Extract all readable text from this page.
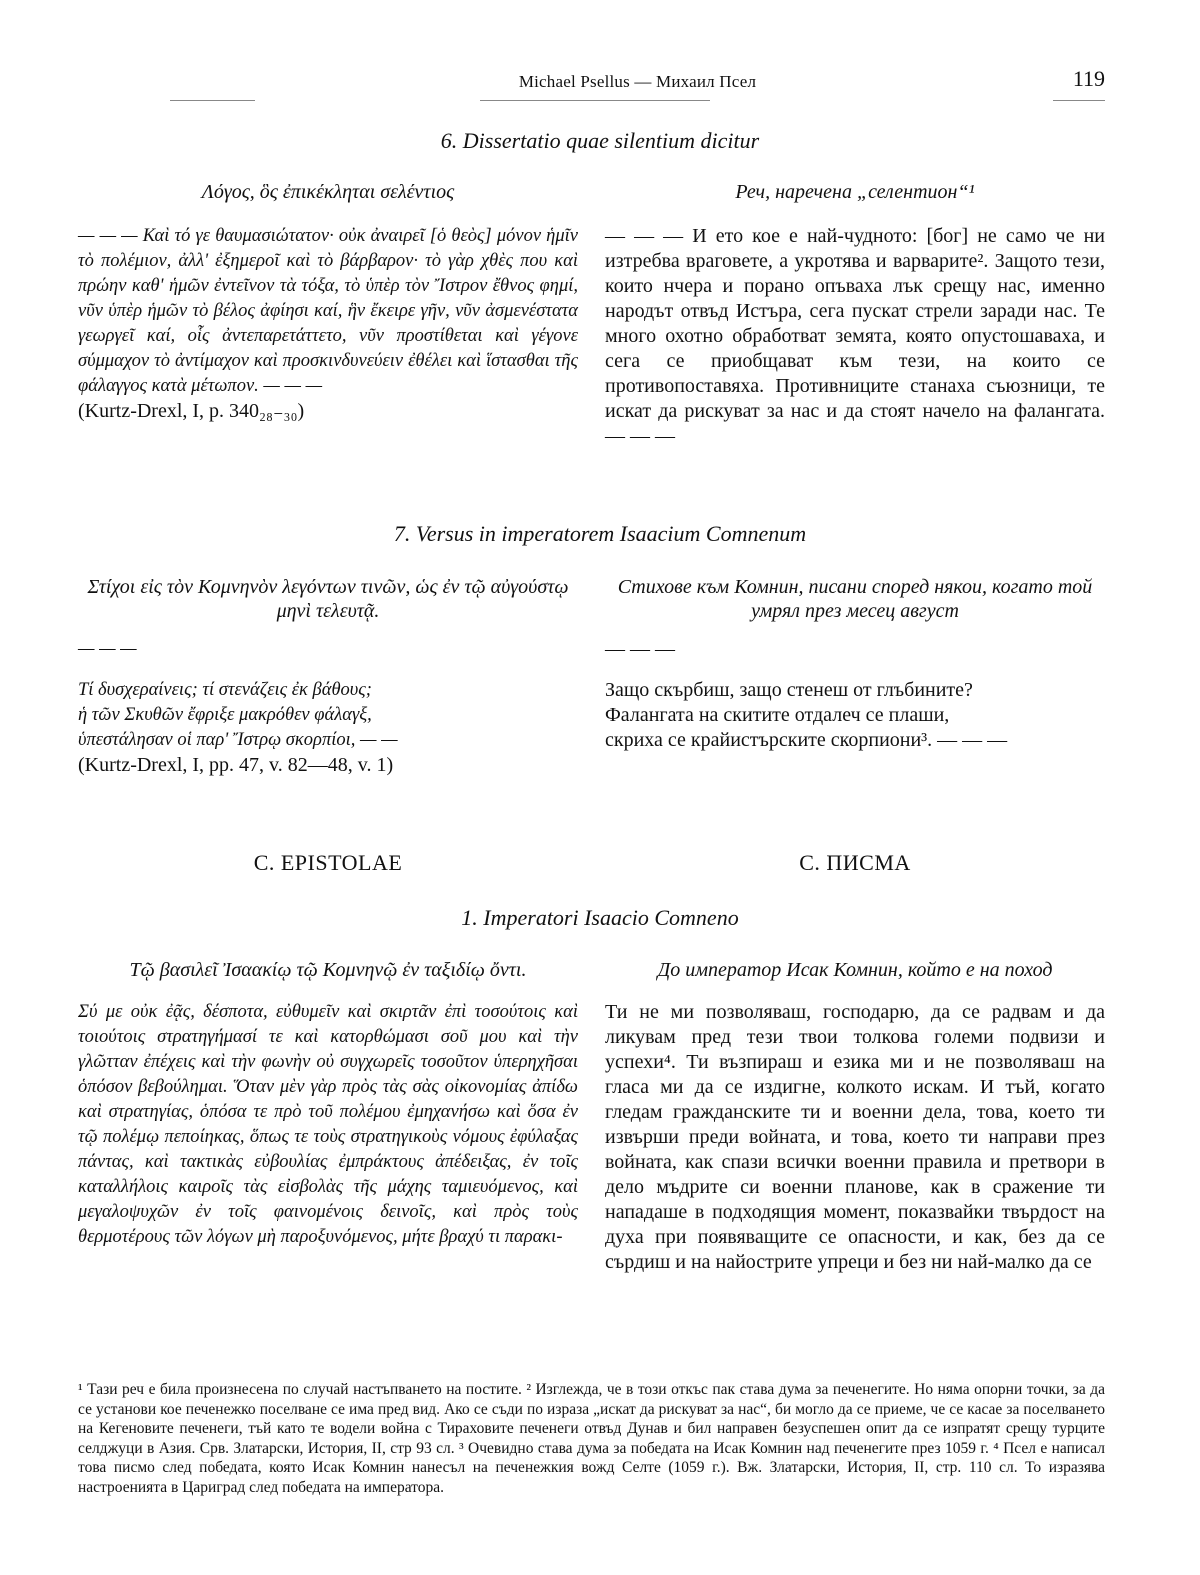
Michael Psellus — Михаил Псел	119
6. Dissertatio quae silentium dicitur
Λόγος, ὃς ἐπικέκληται σελέντιος
— — — Καὶ τό γε θαυμασιώτατον· οὐκ ἀναιρεῖ [ὁ θεὸς] μόνον ἡμῖν τὸ πολέμιον, ἀλλ' ἐξημεροῖ καὶ τὸ βάρβαρον· τὸ γὰρ χθὲς που καὶ πρώην καθ' ἡμῶν ἐντεῖνον τὰ τόξα, τὸ ὑπὲρ τὸν Ἴστρον ἔθνος φημί, νῦν ὑπὲρ ἡμῶν τὸ βέλος ἀφίησι καί, ἣν ἔκειρε γῆν, νῦν ἀσμενέστατα γεωργεῖ καί, οἷς ἀντεπαρετάττετο, νῦν προστίθεται καὶ γέγονε σύμμαχον τὸ ἀντίμαχον καὶ προσκινδυνεύειν ἐθέλει καὶ ἵστασθαι τῆς φάλαγγος κατὰ μέτωπον. — — —
(Kurtz-Drexl, I, p. 340₂₈₋₃₀)
Реч, наречена „селентион“¹
— — — И ето кое е най-чудното: [бог] не само че ни изтребва враговете, а укротява и варварите². Защото тези, които нчера и порано опъваха лък срещу нас, именно народът отвъд Истъра, сега пускат стрели заради нас. Те много охотно обработват земята, която опустошаваха, и сега се приобщават към тези, на които се противопоставяха. Противниците станаха съюзници, те искат да рискуват за нас и да стоят начело на фалангата. — — —
7. Versus in imperatorem Isaacium Comnenum
Στίχοι εἰς τὸν Κομνηνὸν λεγόντων τινῶν, ὡς ἐν τῷ αὐγούστῳ μηνὶ τελευτᾷ.
— — —
Τί δυσχεραίνεις; τί στενάζεις ἐκ βάθους;
ἡ τῶν Σκυθῶν ἔφριξε μακρόθεν φάλαγξ,
ὑπεστάλησαν οἱ παρ' Ἴστρῳ σκορπίοι, — —
(Kurtz-Drexl, I, pp. 47, v. 82—48, v. 1)
Стихове към Комнин, писани според някои, когато той умрял през месец август
— — —
Защо скърбиш, защо стенеш от глъбините?
Фалангата на скитите отдалеч се плаши,
скриха се крайистърските скорпиони³. — — —
C. EPISTOLAE	С. ПИСМА
1. Imperatori Isaacio Comneno
Τῷ βασιλεῖ Ἰσαακίῳ τῷ Κομνηνῷ ἐν ταξιδίῳ ὄντι.
Σύ με οὐκ ἐᾷς, δέσποτα, εὐθυμεῖν καὶ σκιρτᾶν ἐπὶ τοσούτοις καὶ τοιούτοις στρατηγήμασί τε καὶ κατορθώμασι σοῦ μου καὶ τὴν γλῶτταν ἐπέχεις καὶ τὴν φωνὴν οὐ συγχωρεῖς τοσοῦτον ὑπερηχῆσαι ὁπόσον βεβούλημαι. Ὅταν μὲν γὰρ πρὸς τὰς σὰς οἰκονομίας ἀπίδω καὶ στρατηγίας, ὁπόσα τε πρὸ τοῦ πολέμου ἐμηχανήσω καὶ ὅσα ἐν τῷ πολέμῳ πεποίηκας, ὅπως τε τοὺς στρατηγικοὺς νόμους ἐφύλαξας πάντας, καὶ τακτικὰς εὐβουλίας ἐμπράκτους ἀπέδειξας, ἐν τοῖς καταλλήλοις καιροῖς τὰς εἰσβολὰς τῆς μάχης ταμιευόμενος, καὶ μεγαλοψυχῶν ἐν τοῖς φαινομένοις δεινοῖς, καὶ πρὸς τοὺς θερμοτέρους τῶν λόγων μὴ παροξυνόμενος, μήτε βραχύ τι παρακι-
До император Исак Комнин, който е на поход
Ти не ми позволяваш, господарю, да се радвам и да ликувам пред тези твои толкова големи подвизи и успехи⁴. Ти възпираш и езика ми и не позволяваш на гласа ми да се издигне, колкото искам. И тъй, когато гледам гражданските ти и военни дела, това, което ти извърши преди войната, и това, което ти направи през войната, как спази всички военни правила и претвори в дело мъдрите си военни планове, как в сражение ти нападаше в подходящия момент, показвайки твърдост на духа при появяващите се опасности, и как, без да се сърдиш и на найострите упреци и без ни най-малко да се

¹ Тази реч е била произнесена по случай настъпването на постите. ² Изглежда, че в този откъс пак става дума за печенегите. Но няма опорни точки, за да се установи кое печенежко поселване се има пред вид. Ако се съди по израза „искат да рискуват за нас“, би могло да се приеме, че се касае за поселването на Кегеновите печенеги, тъй като те водели война с Тираховите печенеги отвъд Дунав и бил направен безуспешен опит да се изпратят срещу турците селджуци в Азия. Срв. Златарски, История, II, стр 93 сл. ³ Очевидно става дума за победата на Исак Комнин над печенегите през 1059 г. ⁴ Псел е написал това писмо след победата, която Исак Комнин нанесъл на печенежкия вожд Селте (1059 г.). Вж. Златарски, История, II, стр. 110 сл. То изразява настроенията в Цариград след победата на императора.
